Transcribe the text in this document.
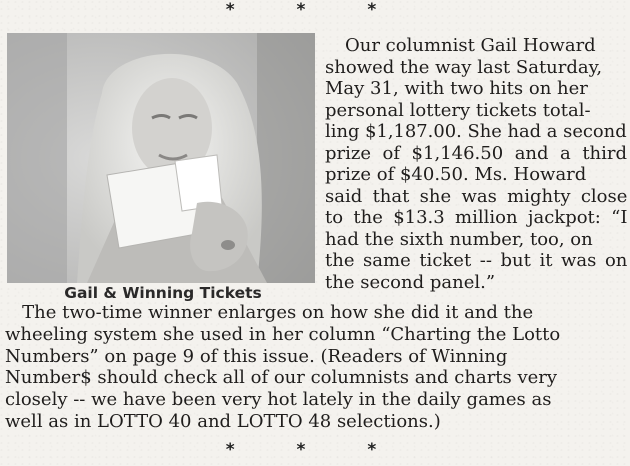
* * *
Gail & Winning Tickets
Our columnist Gail Howard
showed the way last Saturday,
May 31, with two hits on her
personal lottery tickets total-
ling $1,187.00. She had a second
prize of $1,146.50 and a third
prize of $40.50. Ms. Howard
said that she was mighty close
to the $13.3 million jackpot: “I
had the sixth number, too, on
the same ticket -- but it was on
the second panel.”
The two-time winner enlarges on how she did it and the
wheeling system she used in her column “Charting the Lotto
Numbers” on page 9 of this issue. (Readers of Winning
Number$ should check all of our columnists and charts very
closely -- we have been very hot lately in the daily games as
well as in LOTTO 40 and LOTTO 48 selections.)
* * *
